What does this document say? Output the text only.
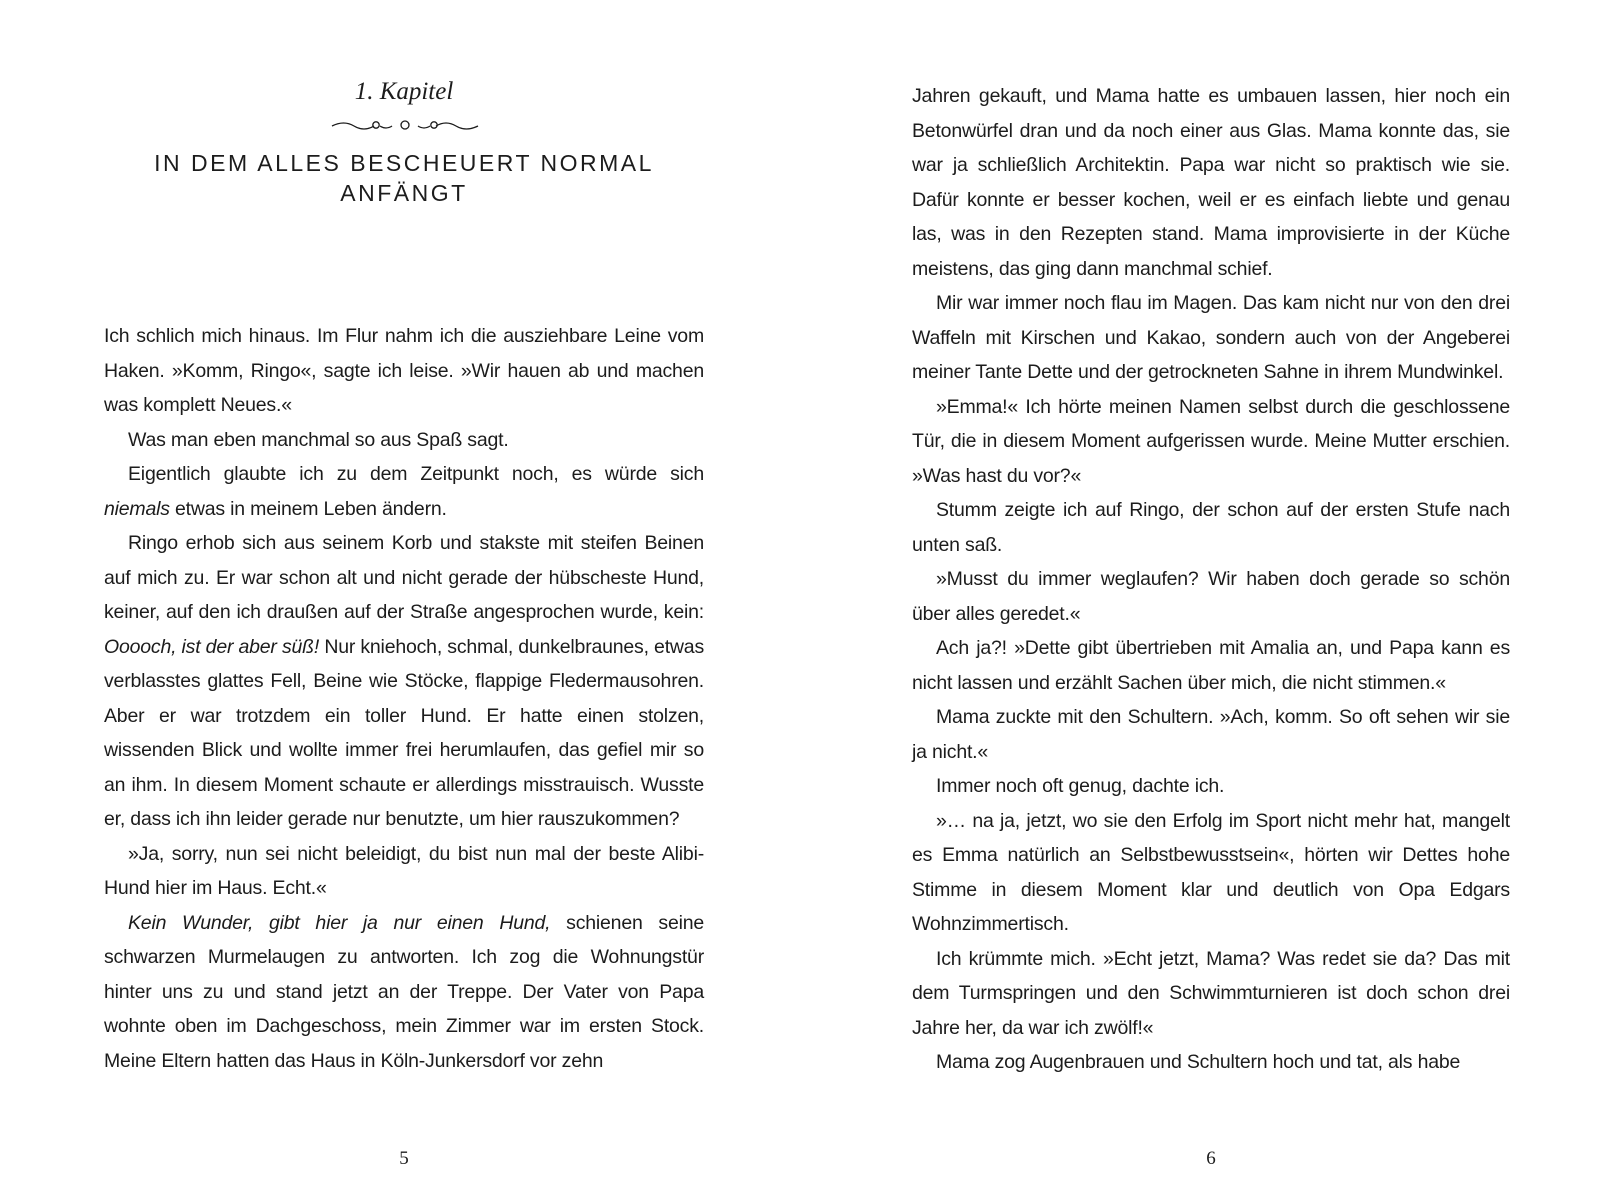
1. Kapitel
IN DEM ALLES BESCHEUERT NORMAL ANFÄNGT

Ich schlich mich hinaus. Im Flur nahm ich die ausziehbare Leine vom Haken. »Komm, Ringo«, sagte ich leise. »Wir hauen ab und machen was komplett Neues.«

Was man eben manchmal so aus Spaß sagt.

Eigentlich glaubte ich zu dem Zeitpunkt noch, es würde sich niemals etwas in meinem Leben ändern.

Ringo erhob sich aus seinem Korb und stakste mit steifen Beinen auf mich zu. Er war schon alt und nicht gerade der hübscheste Hund, keiner, auf den ich draußen auf der Straße angesprochen wurde, kein: Ooooch, ist der aber süß! Nur kniehoch, schmal, dunkelbraunes, etwas verblasstes glattes Fell, Beine wie Stöcke, flappige Fledermausohren. Aber er war trotzdem ein toller Hund. Er hatte einen stolzen, wissenden Blick und wollte immer frei herumlaufen, das gefiel mir so an ihm. In diesem Moment schaute er allerdings misstrauisch. Wusste er, dass ich ihn leider gerade nur benutzte, um hier rauszukommen?

»Ja, sorry, nun sei nicht beleidigt, du bist nun mal der beste Alibi-Hund hier im Haus. Echt.«

Kein Wunder, gibt hier ja nur einen Hund, schienen seine schwarzen Murmelaugen zu antworten. Ich zog die Wohnungstür hinter uns zu und stand jetzt an der Treppe. Der Vater von Papa wohnte oben im Dachgeschoss, mein Zimmer war im ersten Stock. Meine Eltern hatten das Haus in Köln-Junkersdorf vor zehn

5

Jahren gekauft, und Mama hatte es umbauen lassen, hier noch ein Betonwürfel dran und da noch einer aus Glas. Mama konnte das, sie war ja schließlich Architektin. Papa war nicht so praktisch wie sie. Dafür konnte er besser kochen, weil er es einfach liebte und genau las, was in den Rezepten stand. Mama improvisierte in der Küche meistens, das ging dann manchmal schief.

Mir war immer noch flau im Magen. Das kam nicht nur von den drei Waffeln mit Kirschen und Kakao, sondern auch von der Angeberei meiner Tante Dette und der getrockneten Sahne in ihrem Mundwinkel.

»Emma!« Ich hörte meinen Namen selbst durch die geschlossene Tür, die in diesem Moment aufgerissen wurde. Meine Mutter erschien. »Was hast du vor?«

Stumm zeigte ich auf Ringo, der schon auf der ersten Stufe nach unten saß.

»Musst du immer weglaufen? Wir haben doch gerade so schön über alles geredet.«

Ach ja?! »Dette gibt übertrieben mit Amalia an, und Papa kann es nicht lassen und erzählt Sachen über mich, die nicht stimmen.«

Mama zuckte mit den Schultern. »Ach, komm. So oft sehen wir sie ja nicht.«

Immer noch oft genug, dachte ich.

»… na ja, jetzt, wo sie den Erfolg im Sport nicht mehr hat, mangelt es Emma natürlich an Selbstbewusstsein«, hörten wir Dettes hohe Stimme in diesem Moment klar und deutlich von Opa Edgars Wohnzimmertisch.

Ich krümmte mich. »Echt jetzt, Mama? Was redet sie da? Das mit dem Turmspringen und den Schwimmturnieren ist doch schon drei Jahre her, da war ich zwölf!«

Mama zog Augenbrauen und Schultern hoch und tat, als habe

6
